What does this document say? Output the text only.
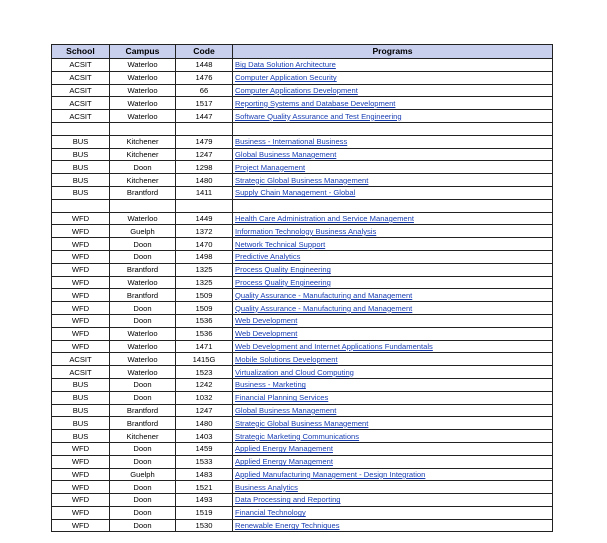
School	Campus	Code	Programs
ACSIT	Waterloo	1448	Big Data Solution Architecture
ACSIT	Waterloo	1476	Computer Application Security
ACSIT	Waterloo	66	Computer Applications Development
ACSIT	Waterloo	1517	Reporting Systems and Database Development
ACSIT	Waterloo	1447	Software Quality Assurance and Test Engineering

BUS	Kitchener	1479	Business - International Business
BUS	Kitchener	1247	Global Business Management
BUS	Doon	1298	Project Management
BUS	Kitchener	1480	Strategic Global Business Management
BUS	Brantford	1411	Supply Chain Management - Global

WFD	Waterloo	1449	Health Care Administration and Service Management
WFD	Guelph	1372	Information Technology Business Analysis
WFD	Doon	1470	Network Technical Support
WFD	Doon	1498	Predictive Analytics
WFD	Brantford	1325	Process Quality Engineering
WFD	Waterloo	1325	Process Quality Engineering
WFD	Brantford	1509	Quality Assurance - Manufacturing and Management
WFD	Doon	1509	Quality Assurance - Manufacturing and Management
WFD	Doon	1536	Web Development
WFD	Waterloo	1536	Web Development
WFD	Waterloo	1471	Web Development and Internet Applications Fundamentals
ACSIT	Waterloo	1415G	Mobile Solutions Development
ACSIT	Waterloo	1523	Virtualization and Cloud Computing
BUS	Doon	1242	Business - Marketing
BUS	Doon	1032	Financial Planning Services
BUS	Brantford	1247	Global Business Management
BUS	Brantford	1480	Strategic Global Business Management
BUS	Kitchener	1403	Strategic Marketing Communications
WFD	Doon	1459	Applied Energy Management
WFD	Doon	1533	Applied Energy Management
WFD	Guelph	1483	Applied Manufacturing Management - Design Integration
WFD	Doon	1521	Business Analytics
WFD	Doon	1493	Data Processing and Reporting
WFD	Doon	1519	Financial Technology
WFD	Doon	1530	Renewable Energy Techniques
